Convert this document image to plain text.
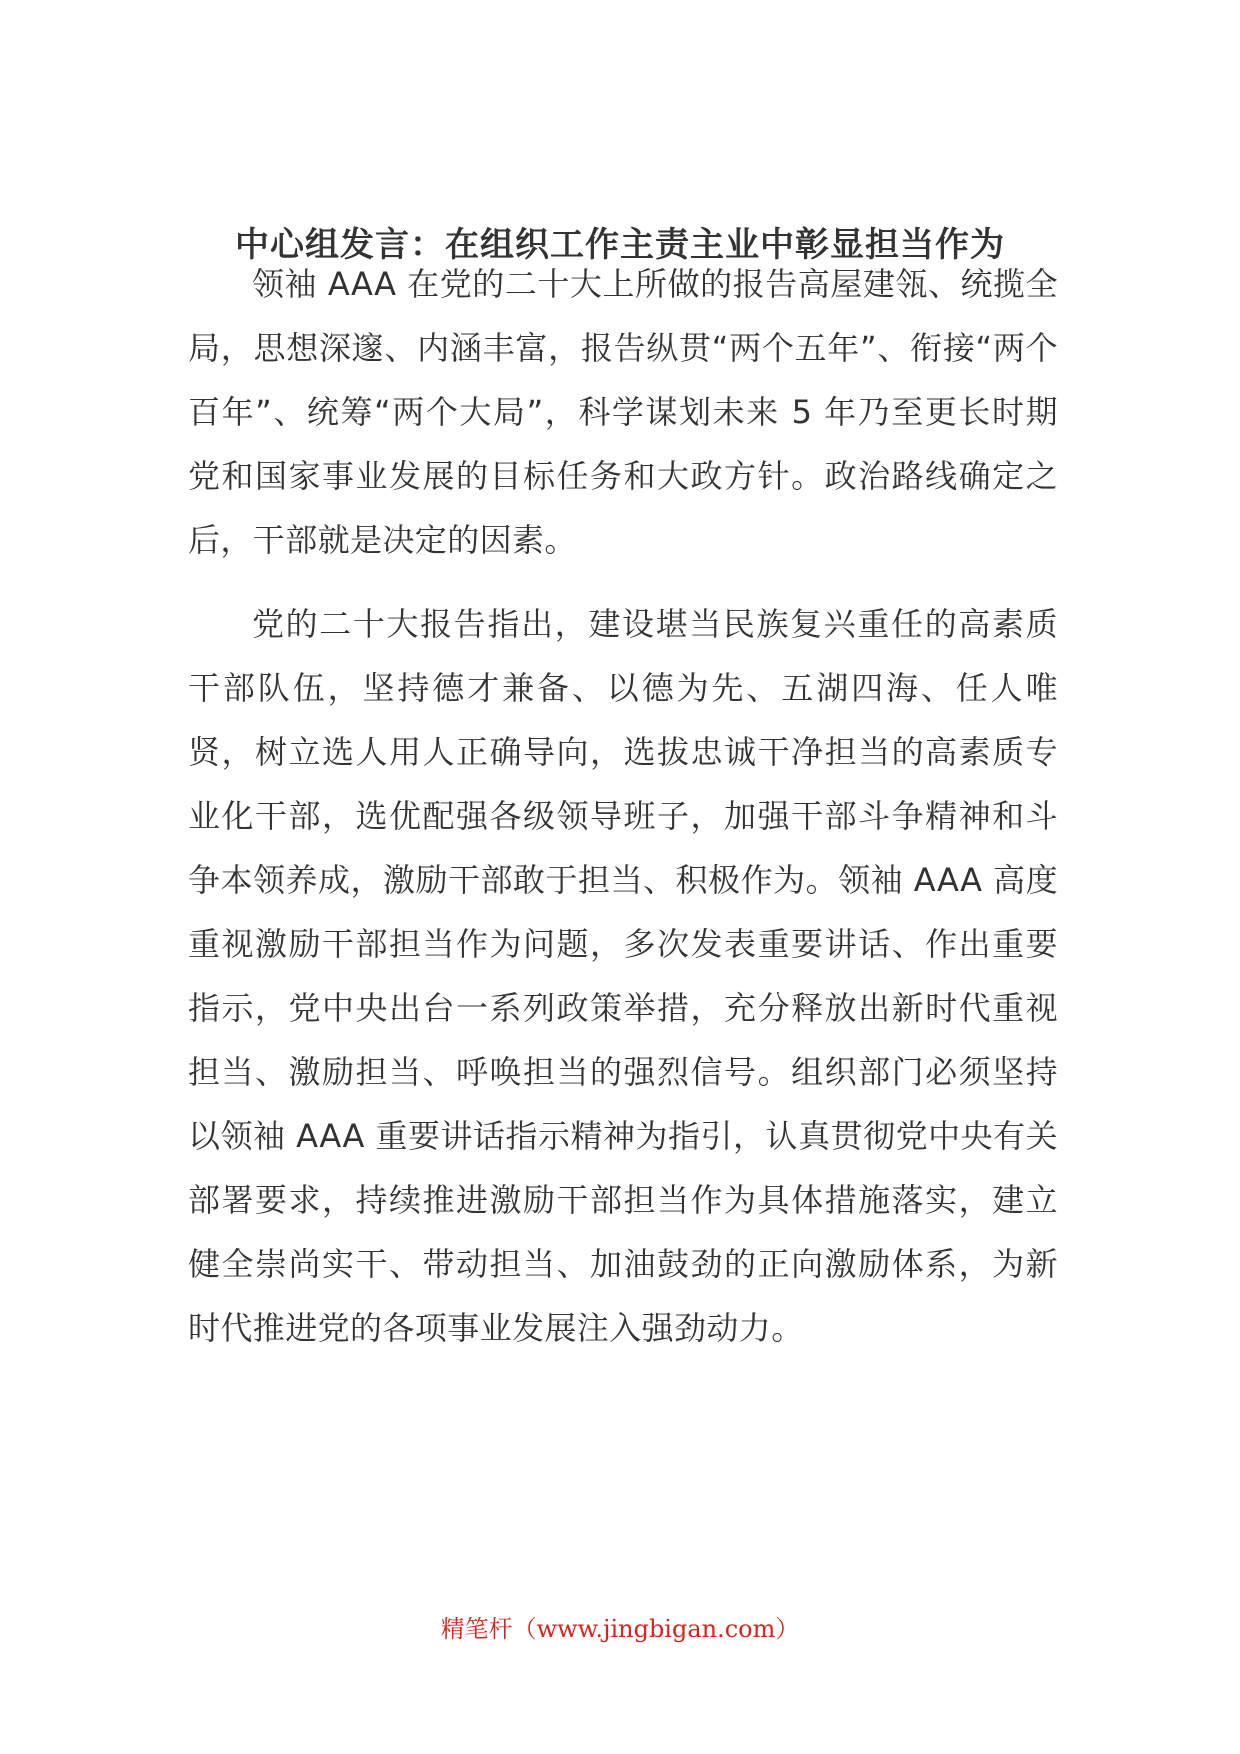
中心组发言：在组织工作主责主业中彰显担当作为

领袖 AAA 在党的二十大上所做的报告高屋建瓴、统揽全局，思想深邃、内涵丰富，报告纵贯“两个五年”、衔接“两个百年”、统筹“两个大局”，科学谋划未来 5 年乃至更长时期党和国家事业发展的目标任务和大政方针。政治路线确定之后，干部就是决定的因素。

党的二十大报告指出，建设堪当民族复兴重任的高素质干部队伍，坚持德才兼备、以德为先、五湖四海、任人唯贤，树立选人用人正确导向，选拔忠诚干净担当的高素质专业化干部，选优配强各级领导班子，加强干部斗争精神和斗争本领养成，激励干部敢于担当、积极作为。领袖 AAA 高度重视激励干部担当作为问题，多次发表重要讲话、作出重要指示，党中央出台一系列政策举措，充分释放出新时代重视担当、激励担当、呼唤担当的强烈信号。组织部门必须坚持以领袖 AAA 重要讲话指示精神为指引，认真贯彻党中央有关部署要求，持续推进激励干部担当作为具体措施落实，建立健全崇尚实干、带动担当、加油鼓劲的正向激励体系，为新时代推进党的各项事业发展注入强劲动力。

精笔杆（www.jingbigan.com）
